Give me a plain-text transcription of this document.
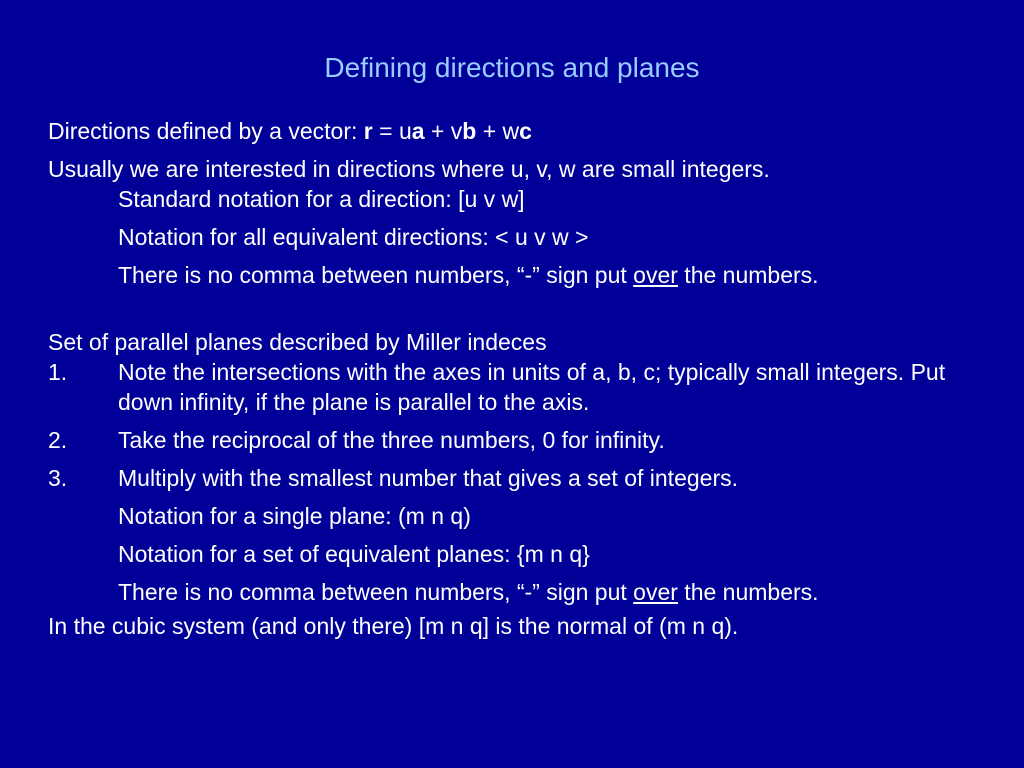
Defining directions and planes

Directions defined by a vector: r = ua + vb + wc

Usually we are interested in directions where u, v, w are small integers.

Standard notation for a direction: [u v w]

Notation for all equivalent directions: < u v w >

There is no comma between numbers, “-” sign put over the numbers.

Set of parallel planes described by Miller indeces

1.	Note the intersections with the axes in units of a, b, c; typically small integers. Put down infinity, if the plane is parallel to the axis.
2.	Take the reciprocal of the three numbers, 0 for infinity.
3.	Multiply with the smallest number that gives a set of integers.

Notation for a single plane: (m n q)

Notation for a set of equivalent planes: {m n q}

There is no comma between numbers, “-” sign put over the numbers.

In the cubic system (and only there) [m n q] is the normal of (m n q).
